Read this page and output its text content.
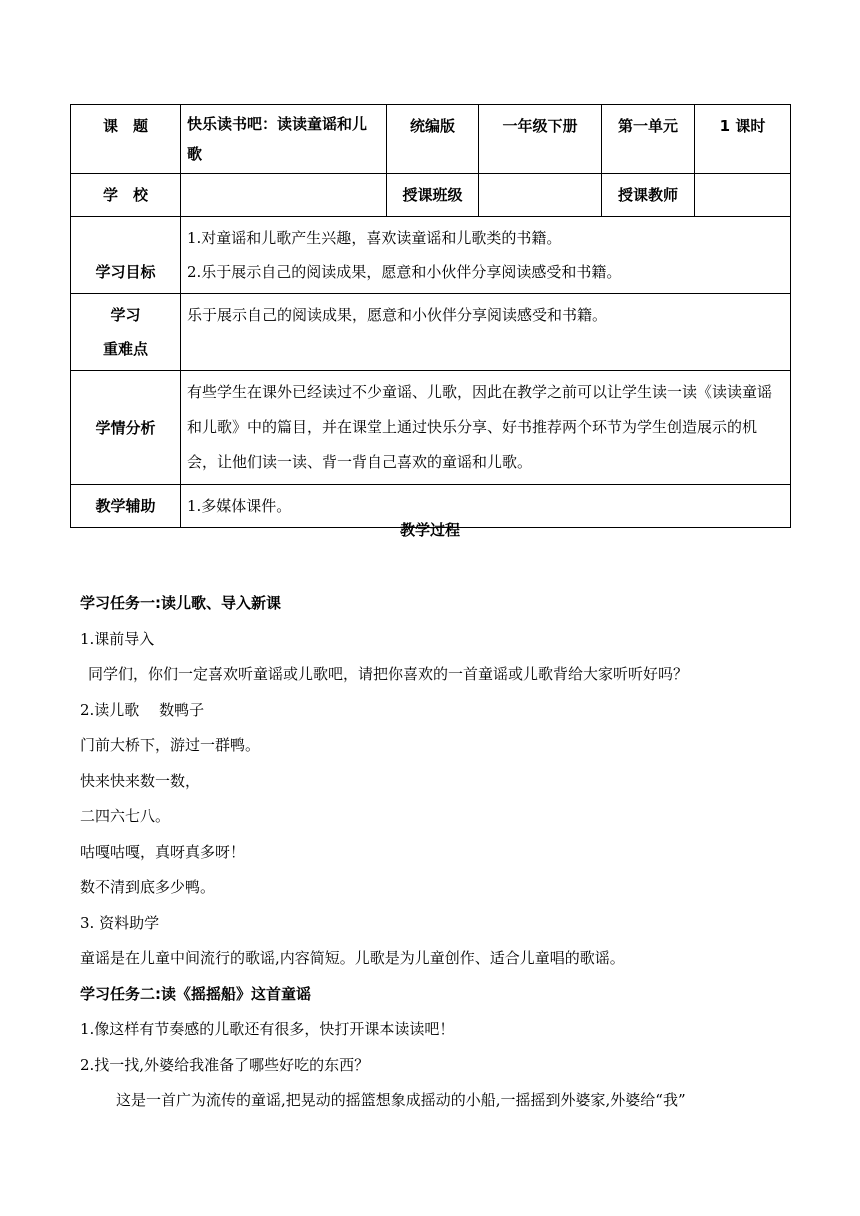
课　题	快乐读书吧：读读童谣和儿歌	统编版	一年级下册	第一单元	1 课时
学　校		授课班级		授课教师	
学习目标	1.对童谣和儿歌产生兴趣，喜欢读童谣和儿歌类的书籍。
2.乐于展示自己的阅读成果，愿意和小伙伴分享阅读感受和书籍。				

学习
重难点	乐于展示自己的阅读成果，愿意和小伙伴分享阅读感受和书籍。				
学情分析	有些学生在课外已经读过不少童谣、儿歌，因此在教学之前可以让学生读一读《读读童谣和儿歌》中的篇目，并在课堂上通过快乐分享、好书推荐两个环节为学生创造展示的机会，让他们读一读、背一背自己喜欢的童谣和儿歌。				
教学辅助	1.多媒体课件。				
教学过程

学习任务一:读儿歌、导入新课

1.课前导入

同学们，你们一定喜欢听童谣或儿歌吧，请把你喜欢的一首童谣或儿歌背给大家听听好吗？

2.读儿歌　 数鸭子

门前大桥下，游过一群鸭。

快来快来数一数，

二四六七八。

咕嘎咕嘎，真呀真多呀！

数不清到底多少鸭。

3. 资料助学

童谣是在儿童中间流行的歌谣,内容简短。儿歌是为儿童创作、适合儿童唱的歌谣。

学习任务二:读《摇摇船》这首童谣

1.像这样有节奏感的儿歌还有很多，快打开课本读读吧！

2.找一找,外婆给我准备了哪些好吃的东西？

这是一首广为流传的童谣,把晃动的摇篮想象成摇动的小船,一摇摇到外婆家,外婆给“我”
